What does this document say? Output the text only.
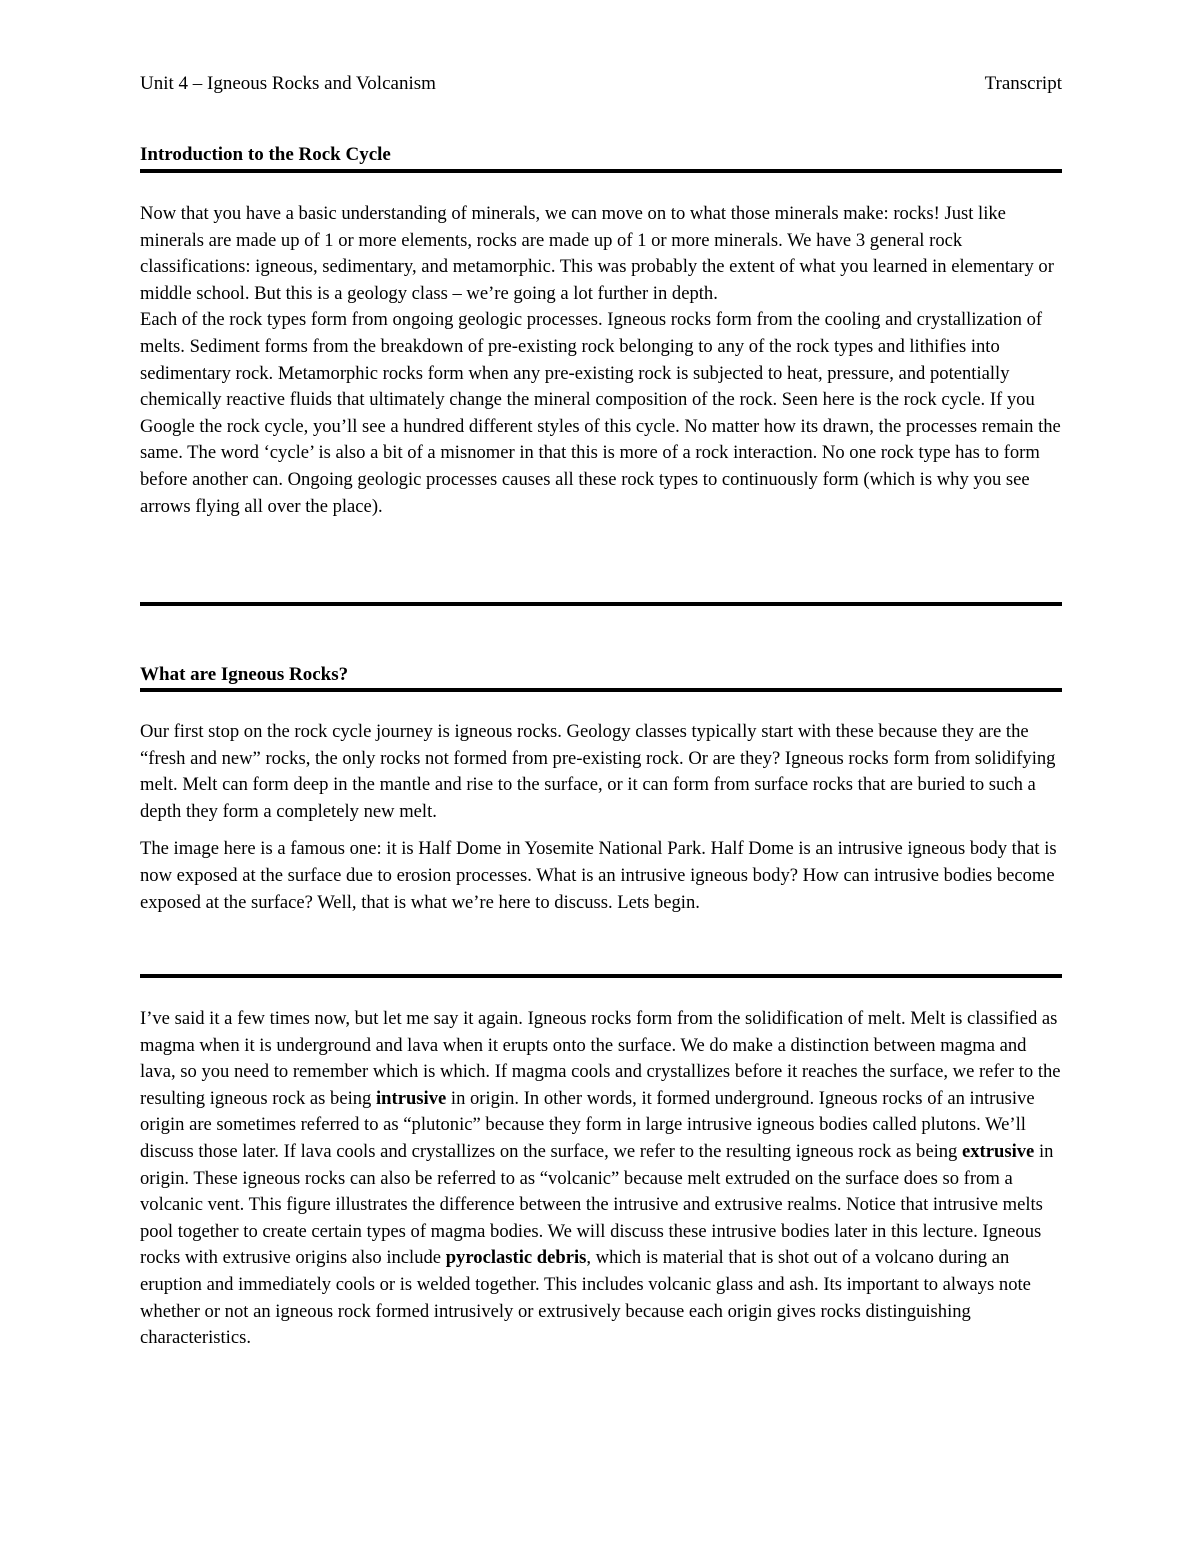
Unit 4 – Igneous Rocks and Volcanism	Transcript
Introduction to the Rock Cycle

Now that you have a basic understanding of minerals, we can move on to what those minerals make: rocks! Just like minerals are made up of 1 or more elements, rocks are made up of 1 or more minerals. We have 3 general rock classifications: igneous, sedimentary, and metamorphic. This was probably the extent of what you learned in elementary or middle school. But this is a geology class – we’re going a lot further in depth.

Each of the rock types form from ongoing geologic processes. Igneous rocks form from the cooling and crystallization of melts. Sediment forms from the breakdown of pre-existing rock belonging to any of the rock types and lithifies into sedimentary rock. Metamorphic rocks form when any pre-existing rock is subjected to heat, pressure, and potentially chemically reactive fluids that ultimately change the mineral composition of the rock. Seen here is the rock cycle. If you Google the rock cycle, you’ll see a hundred different styles of this cycle. No matter how its drawn, the processes remain the same. The word ‘cycle’ is also a bit of a misnomer in that this is more of a rock interaction. No one rock type has to form before another can. Ongoing geologic processes causes all these rock types to continuously form (which is why you see arrows flying all over the place).

What are Igneous Rocks?

Our first stop on the rock cycle journey is igneous rocks. Geology classes typically start with these because they are the “fresh and new” rocks, the only rocks not formed from pre-existing rock. Or are they? Igneous rocks form from solidifying melt. Melt can form deep in the mantle and rise to the surface, or it can form from surface rocks that are buried to such a depth they form a completely new melt.

The image here is a famous one: it is Half Dome in Yosemite National Park. Half Dome is an intrusive igneous body that is now exposed at the surface due to erosion processes. What is an intrusive igneous body? How can intrusive bodies become exposed at the surface? Well, that is what we’re here to discuss. Lets begin.

I’ve said it a few times now, but let me say it again. Igneous rocks form from the solidification of melt. Melt is classified as magma when it is underground and lava when it erupts onto the surface. We do make a distinction between magma and lava, so you need to remember which is which. If magma cools and crystallizes before it reaches the surface, we refer to the resulting igneous rock as being intrusive in origin. In other words, it formed underground. Igneous rocks of an intrusive origin are sometimes referred to as “plutonic” because they form in large intrusive igneous bodies called plutons. We’ll discuss those later. If lava cools and crystallizes on the surface, we refer to the resulting igneous rock as being extrusive in origin. These igneous rocks can also be referred to as “volcanic” because melt extruded on the surface does so from a volcanic vent. This figure illustrates the difference between the intrusive and extrusive realms. Notice that intrusive melts pool together to create certain types of magma bodies. We will discuss these intrusive bodies later in this lecture. Igneous rocks with extrusive origins also include pyroclastic debris, which is material that is shot out of a volcano during an eruption and immediately cools or is welded together. This includes volcanic glass and ash. Its important to always note whether or not an igneous rock formed intrusively or extrusively because each origin gives rocks distinguishing characteristics.
